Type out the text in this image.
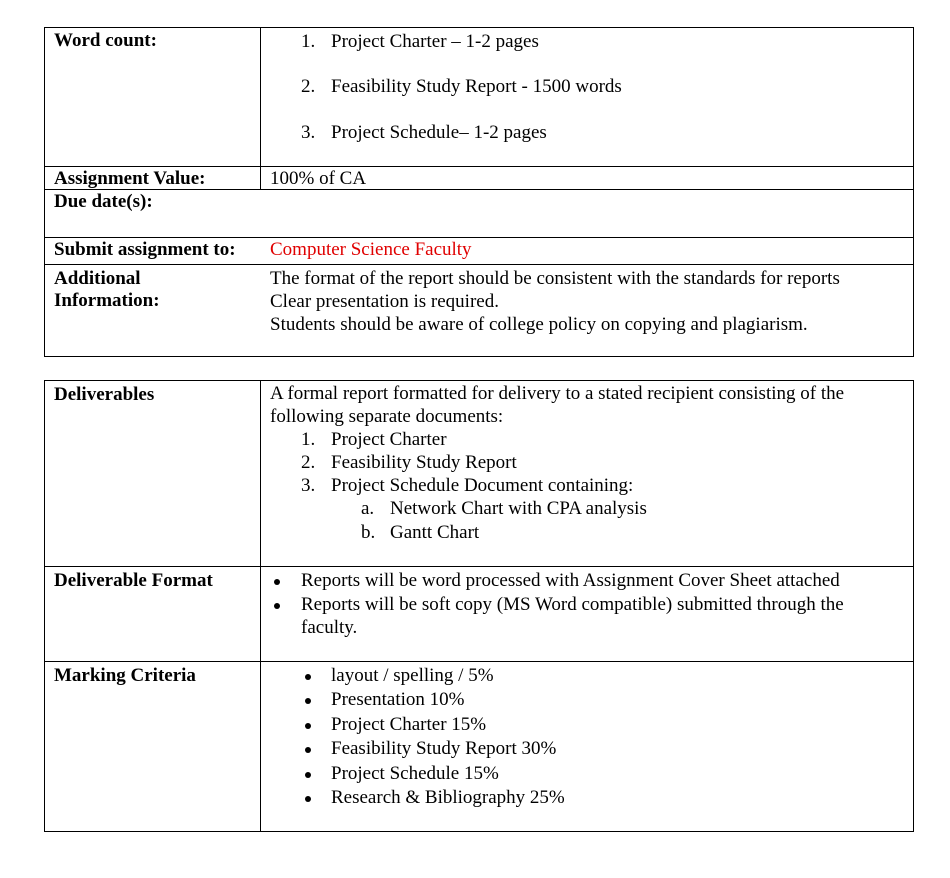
Word count:	1. Project Charter – 1-2 pages
2. Feasibility Study Report - 1500 words
3. Project Schedule– 1-2 pages
Assignment Value:	100% of CA
Due date(s):
Submit assignment to: Computer Science Faculty
Additional
Information:
The format of the report should be consistent with the standards for reports
Clear presentation is required.
Students should be aware of college policy on copying and plagiarism.
Deliverables	A formal report formatted for delivery to a stated recipient consisting of the
following separate documents:
1. Project Charter
2. Feasibility Study Report
3. Project Schedule Document containing:
a. Network Chart with CPA analysis
b. Gantt Chart
Deliverable Format	Reports will be word processed with Assignment Cover Sheet attached
Reports will be soft copy (MS Word compatible) submitted through the
faculty.
Marking Criteria	layout / spelling / 5%
Presentation 10%
Project Charter 15%
Feasibility Study Report 30%
Project Schedule 15%
Research & Bibliography 25%
